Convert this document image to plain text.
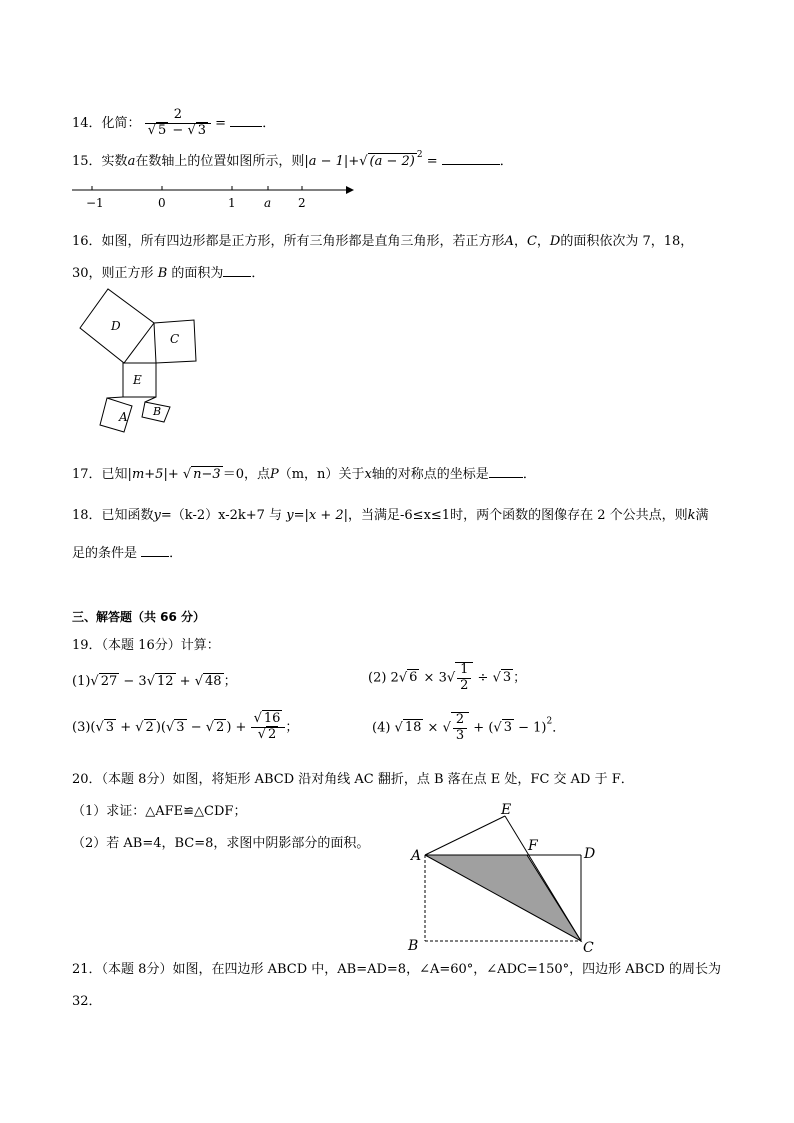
14．化简： $\frac{2}{√ 5 - √ 3}$ =	．
15．实数a在数轴上的位置如图所示，则|a − 1|+√ (a − 2) $^2$ =	．
−1	0	1 a 2
16．如图，所有四边形都是正方形，所有三角形都是直角三角形，若正方形A，C，D的面积依次为 7，18，
30，则正方形 B 的面积为 ．
D
C
E
A B
17．已知|m+5|+ √ n−3 ＝0，点P（m，n）关于x轴的对称点的坐标是	．
18．已知函数y=（k-2）x-2k+7 与 y=|x + 2|，当满足-6≤x≤1时，两个函数的图像存在 2 个公共点，则k满
足的条件是 ．
三、解答题（共 66 分）
19．（本题 16分）计算：
(1)√ 27 − 3√ 12 + √ 48 ；	(2) 2√ $6 \times 3√ \frac{1}{2}$ ÷ √ 3 ；
(3)(√ 3 + √ 2 )(√ 3 − √ 2 ) + $\frac{√ 16}{√ 2}$ ；	(4) √ 18 × √ $\frac{2}{3}$ + (√ 3 − 1)$^2$．
20．（本题 8分）如图，将矩形 ABCD 沿对角线 AC 翻折，点 B 落在点 E 处，FC 交 AD 于 F．
（1）求证：△AFE≌△CDF；
（2）若 AB=4，BC=8，求图中阴影部分的面积。
E
A
F	D
B	C
21．（本题 8分）如图，在四边形 ABCD 中，AB=AD=8，∠A=60°，∠ADC=150°，四边形 ABCD 的周长为
32．
